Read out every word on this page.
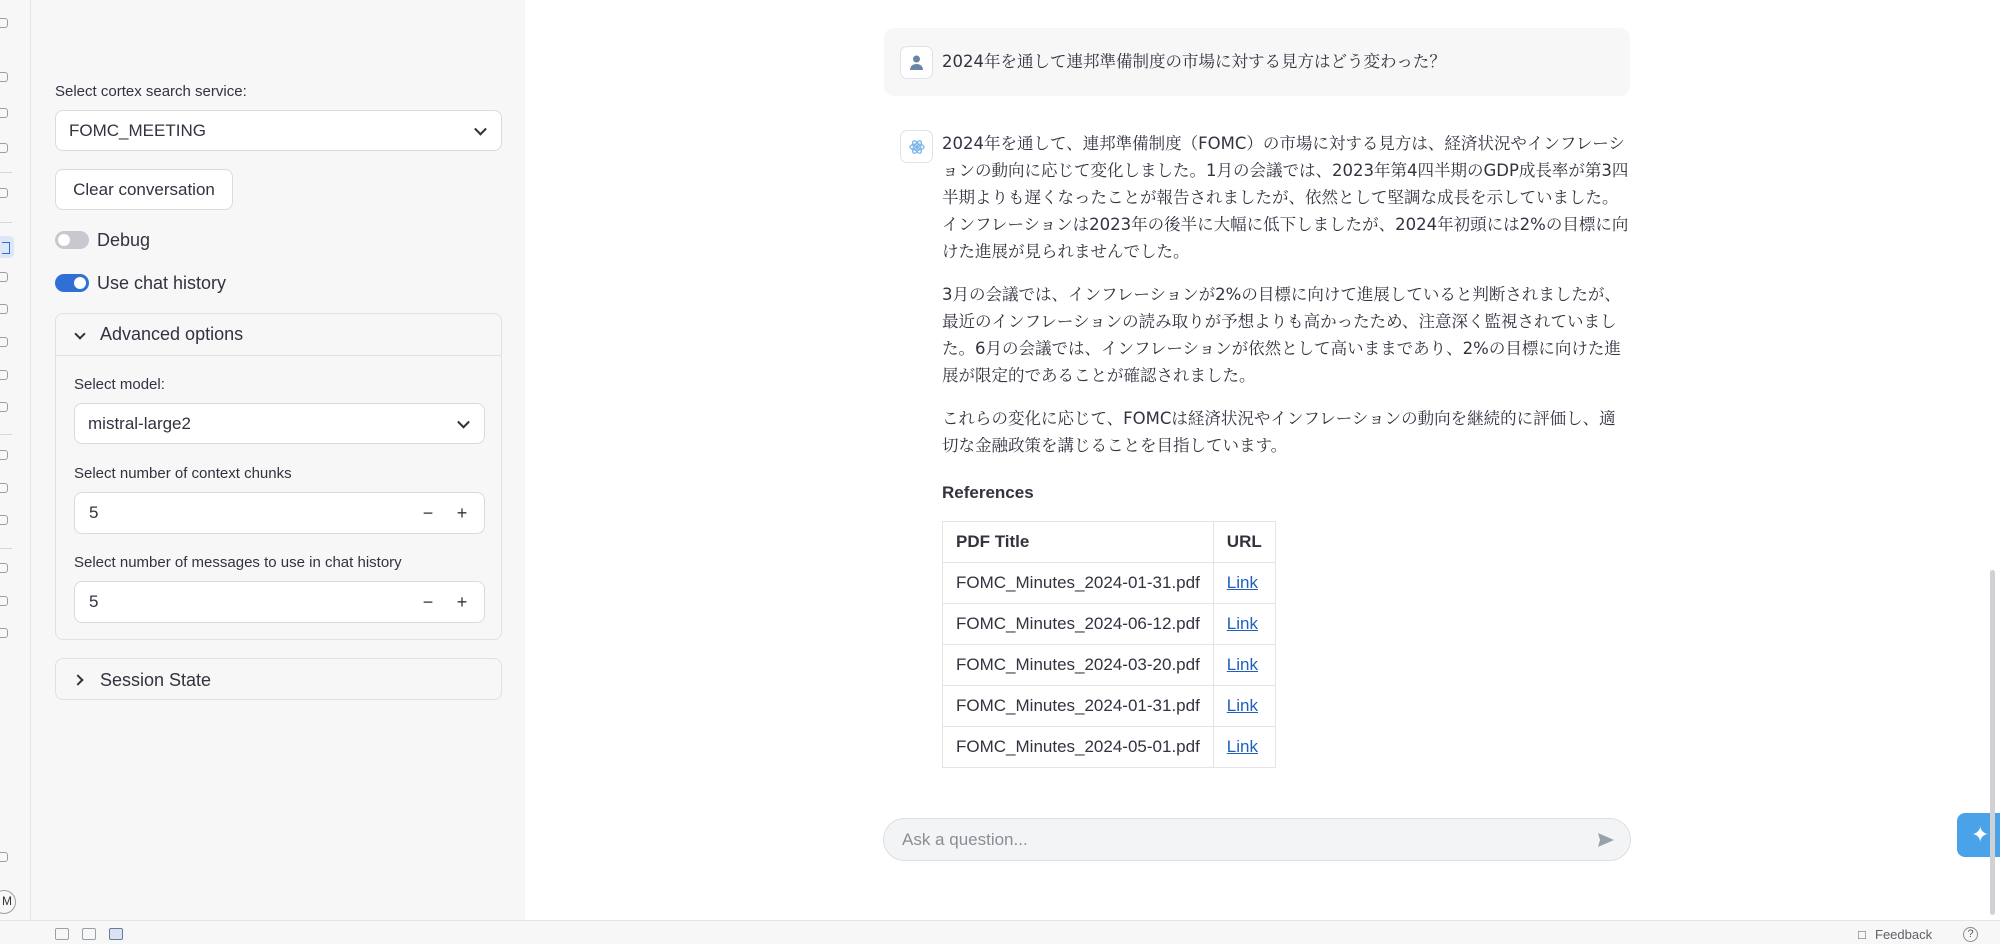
M
Select cortex search service:
FOMC_MEETING
Clear conversation
Debug
Use chat history
Advanced options
Select model:
mistral-large2
Select number of context chunks
5	−	+
Select number of messages to use in chat history
5	−	+
Session State
2024年を通して連邦準備制度の市場に対する見方はどう変わった？

2024年を通して、連邦準備制度（FOMC）の市場に対する見方は、経済状況やインフレーションの動向に応じて変化しました。1月の会議では、2023年第4四半期のGDP成長率が第3四半期よりも遅くなったことが報告されましたが、依然として堅調な成長を示していました。インフレーションは2023年の後半に大幅に低下しましたが、2024年初頭には2%の目標に向けた進展が見られませんでした。

3月の会議では、インフレーションが2%の目標に向けて進展していると判断されましたが、最近のインフレーションの読み取りが予想よりも高かったため、注意深く監視されていました。6月の会議では、インフレーションが依然として高いままであり、2%の目標に向けた進展が限定的であることが確認されました。

これらの変化に応じて、FOMCは経済状況やインフレーションの動向を継続的に評価し、適切な金融政策を講じることを目指しています。

References
PDF Title	URL
FOMC_Minutes_2024-01-31.pdf	Link
FOMC_Minutes_2024-06-12.pdf	Link
FOMC_Minutes_2024-03-20.pdf	Link
FOMC_Minutes_2024-01-31.pdf	Link
FOMC_Minutes_2024-05-01.pdf	Link
Ask a question...
✦
□ Feedback	?
